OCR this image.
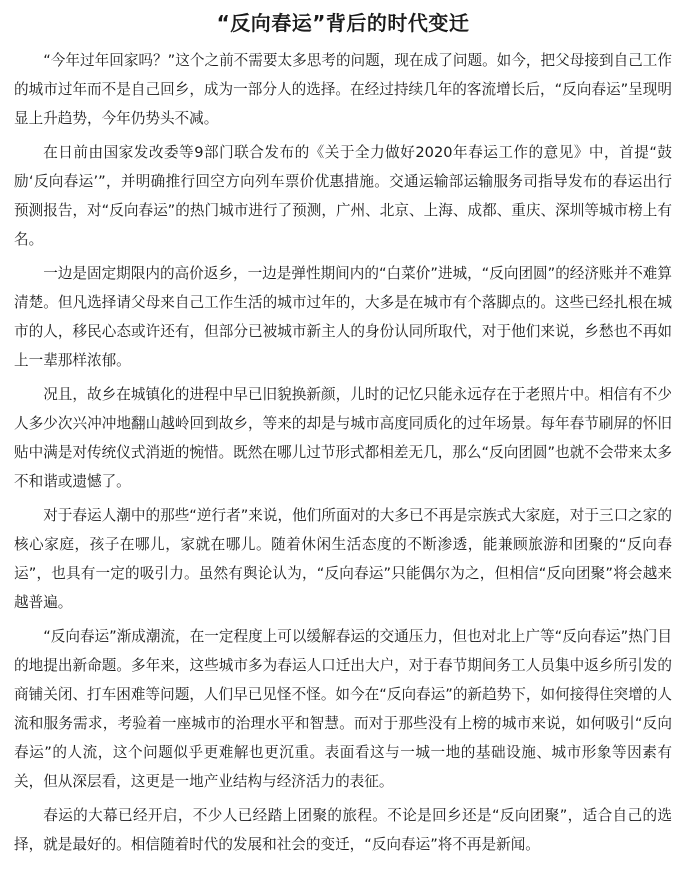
“反向春运”背后的时代变迁

“今年过年回家吗？”这个之前不需要太多思考的问题，现在成了问题。如今，把父母接到自己工作的城市过年而不是自己回乡，成为一部分人的选择。在经过持续几年的客流增长后，“反向春运”呈现明显上升趋势，今年仍势头不减。

在日前由国家发改委等9部门联合发布的《关于全力做好2020年春运工作的意见》中，首提“鼓励‘反向春运’”，并明确推行回空方向列车票价优惠措施。交通运输部运输服务司指导发布的春运出行预测报告，对“反向春运”的热门城市进行了预测，广州、北京、上海、成都、重庆、深圳等城市榜上有名。

一边是固定期限内的高价返乡，一边是弹性期间内的“白菜价”进城，“反向团圆”的经济账并不难算清楚。但凡选择请父母来自己工作生活的城市过年的，大多是在城市有个落脚点的。这些已经扎根在城市的人，移民心态或许还有，但部分已被城市新主人的身份认同所取代，对于他们来说，乡愁也不再如上一辈那样浓郁。

况且，故乡在城镇化的进程中早已旧貌换新颜，儿时的记忆只能永远存在于老照片中。相信有不少人多少次兴冲冲地翻山越岭回到故乡，等来的却是与城市高度同质化的过年场景。每年春节刷屏的怀旧贴中满是对传统仪式消逝的惋惜。既然在哪儿过节形式都相差无几，那么“反向团圆”也就不会带来太多不和谐或遗憾了。

对于春运人潮中的那些“逆行者”来说，他们所面对的大多已不再是宗族式大家庭，对于三口之家的核心家庭，孩子在哪儿，家就在哪儿。随着休闲生活态度的不断渗透，能兼顾旅游和团聚的“反向春运”，也具有一定的吸引力。虽然有舆论认为，“反向春运”只能偶尔为之，但相信“反向团聚”将会越来越普遍。

“反向春运”渐成潮流，在一定程度上可以缓解春运的交通压力，但也对北上广等“反向春运”热门目的地提出新命题。多年来，这些城市多为春运人口迁出大户，对于春节期间务工人员集中返乡所引发的商铺关闭、打车困难等问题，人们早已见怪不怪。如今在“反向春运”的新趋势下，如何接得住突增的人流和服务需求，考验着一座城市的治理水平和智慧。而对于那些没有上榜的城市来说，如何吸引“反向春运”的人流，这个问题似乎更难解也更沉重。表面看这与一城一地的基础设施、城市形象等因素有关，但从深层看，这更是一地产业结构与经济活力的表征。

春运的大幕已经开启，不少人已经踏上团聚的旅程。不论是回乡还是“反向团聚”，适合自己的选择，就是最好的。相信随着时代的发展和社会的变迁，“反向春运”将不再是新闻。
